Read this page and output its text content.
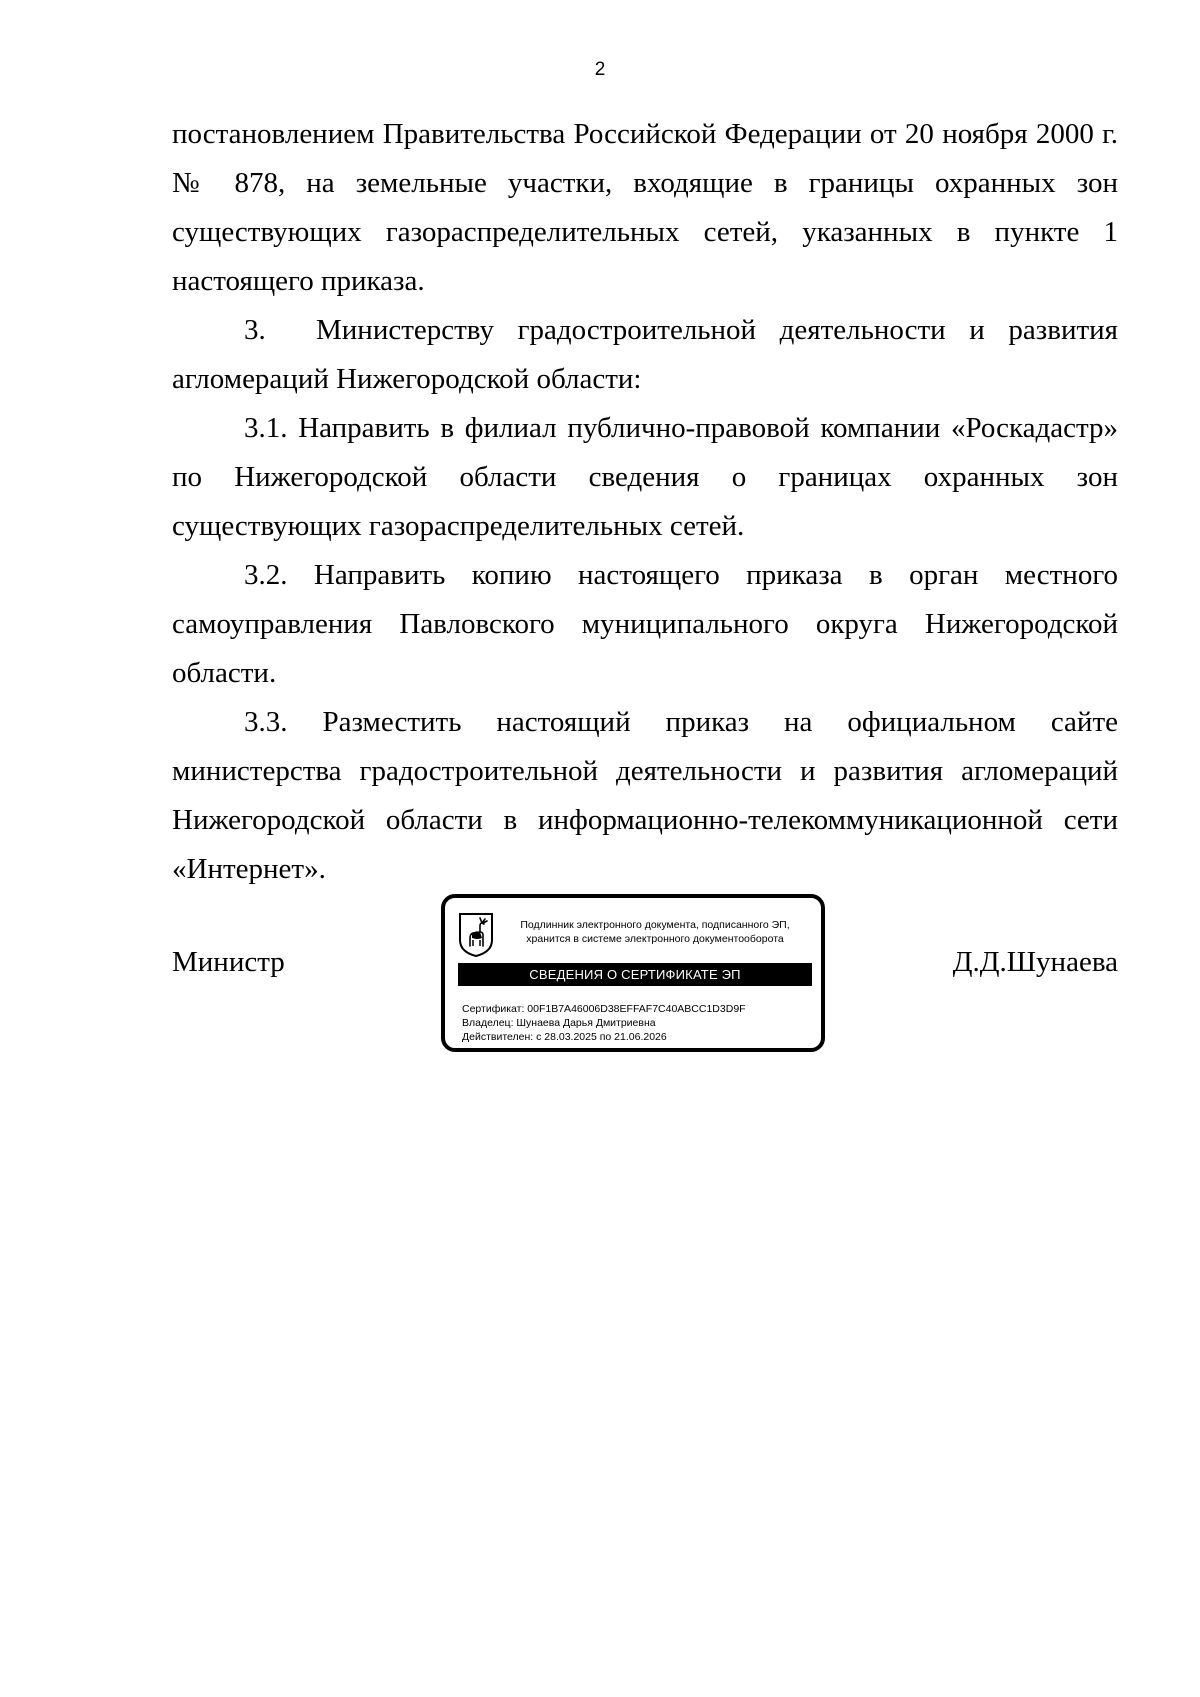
2

постановлением Правительства Российской Федерации от 20 ноября 2000 г. № 878, на земельные участки, входящие в границы охранных зон существующих газораспределительных сетей, указанных в пункте 1 настоящего приказа.

3. Министерству градостроительной деятельности и развития агломераций Нижегородской области:

3.1. Направить в филиал публично-правовой компании «Роскадастр» по Нижегородской области сведения о границах охранных зон существующих газораспределительных сетей.

3.2. Направить копию настоящего приказа в орган местного самоуправления Павловского муниципального округа Нижегородской области.

3.3. Разместить настоящий приказ на официальном сайте министерства градостроительной деятельности и развития агломераций Нижегородской области в информационно-телекоммуникационной сети «Интернет».

Министр
Подлинник электронного документа, подписанного ЭП,
хранится в системе электронного документооборота
СВЕДЕНИЯ О СЕРТИФИКАТЕ ЭП
Сертификат: 00F1B7A46006D38EFFAF7C40ABCC1D3D9F
Владелец: Шунаева Дарья Дмитриевна
Действителен: с 28.03.2025 по 21.06.2026
Д.Д.Шунаева
